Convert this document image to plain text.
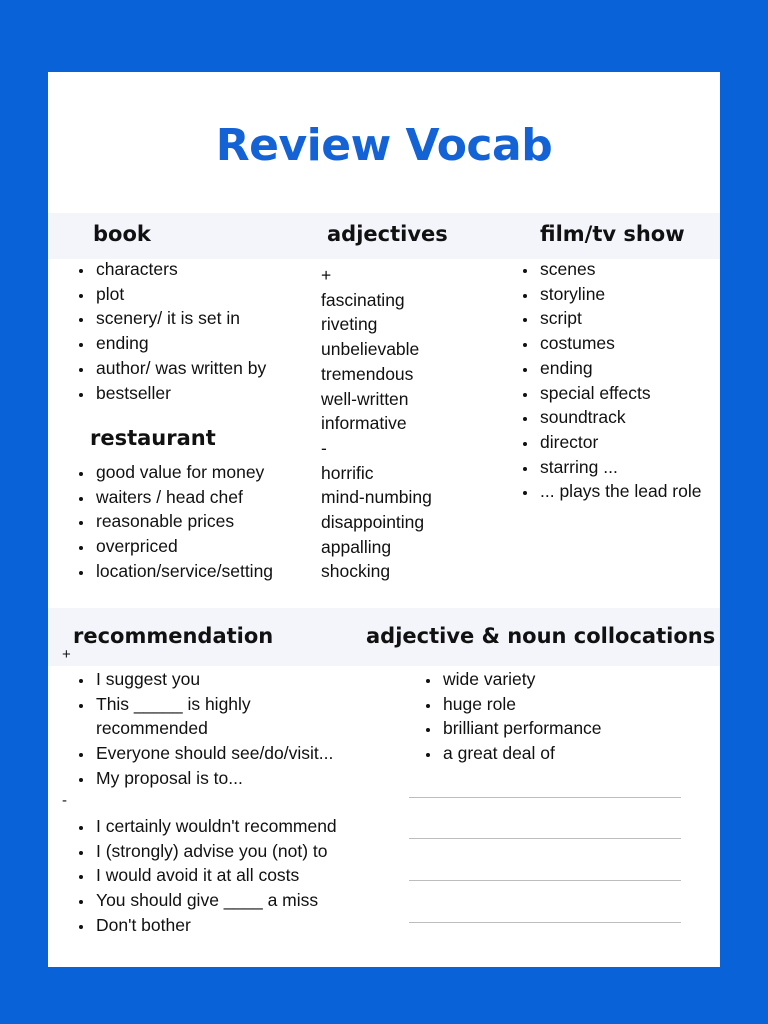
Review Vocab
book	adjectives	film/tv show
• characters
• plot
• scenery/ it is set in
• ending
• author/ was written by
• bestseller
restaurant
• good value for money
• waiters / head chef
• reasonable prices
• overpriced
• location/service/setting
+
fascinating
riveting
unbelievable
tremendous
well-written
informative
-
horrific
mind-numbing
disappointing
appalling
shocking
• scenes
• storyline
• script
• costumes
• ending
• special effects
• soundtrack
• director
• starring ...
• ... plays the lead role
recommendation	adjective & noun collocations
+
• I suggest you
• This _____ is highly
recommended
• Everyone should see/do/visit...
• My proposal is to...
-
• I certainly wouldn't recommend
• I (strongly) advise you (not) to
• I would avoid it at all costs
• You should give ____ a miss
• Don't bother
• wide variety
• huge role
• brilliant performance
• a great deal of
